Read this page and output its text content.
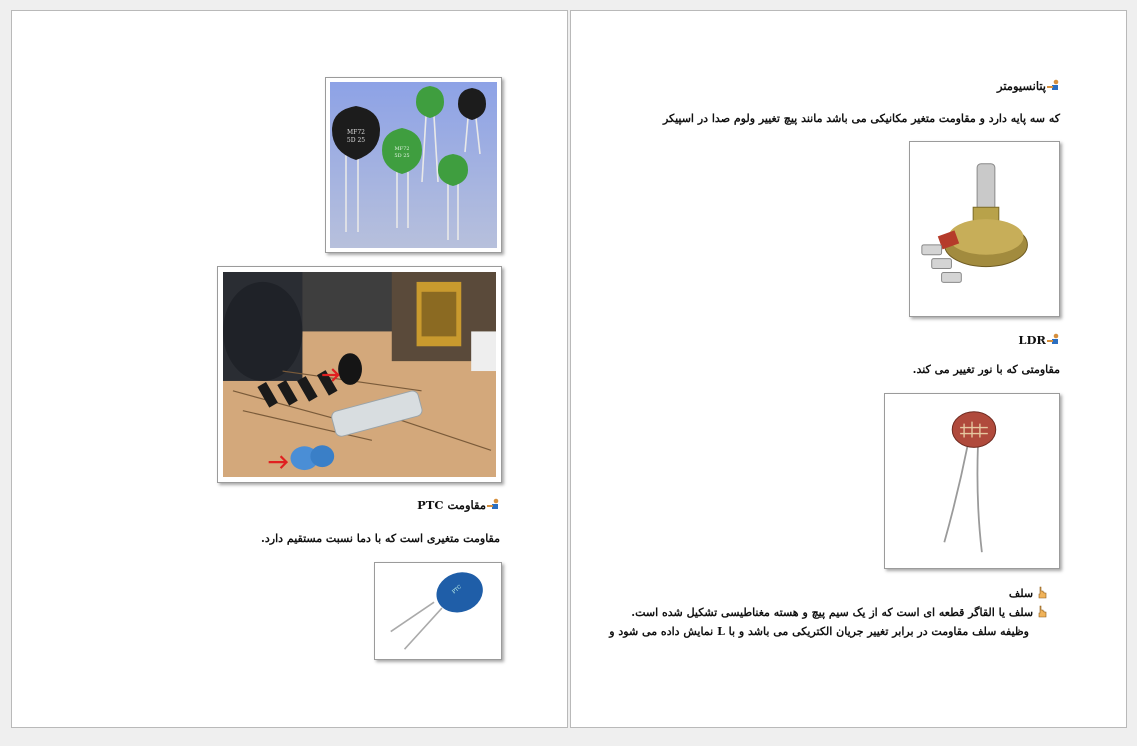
MF72
5D 25
MF72
5D 25
مقاومت PTC
مقاومت متغیری است که با دما نسبت مستقیم دارد.
PTC
پتانسیومتر
که سه پایه دارد و مقاومت متغیر مکانیکی می باشد مانند پیچ تغییر ولوم صدا در اسپیکر
LDR
مقاومتی که با نور تغییر می کند.
سلف
سلف یا القاگر قطعه ای است که از یک سیم پیچ و هسته مغناطیسی تشکیل شده است.
وظیفه سلف مقاومت در برابر تغییر جریان الکتریکی می باشد و با L نمایش داده می شود و
